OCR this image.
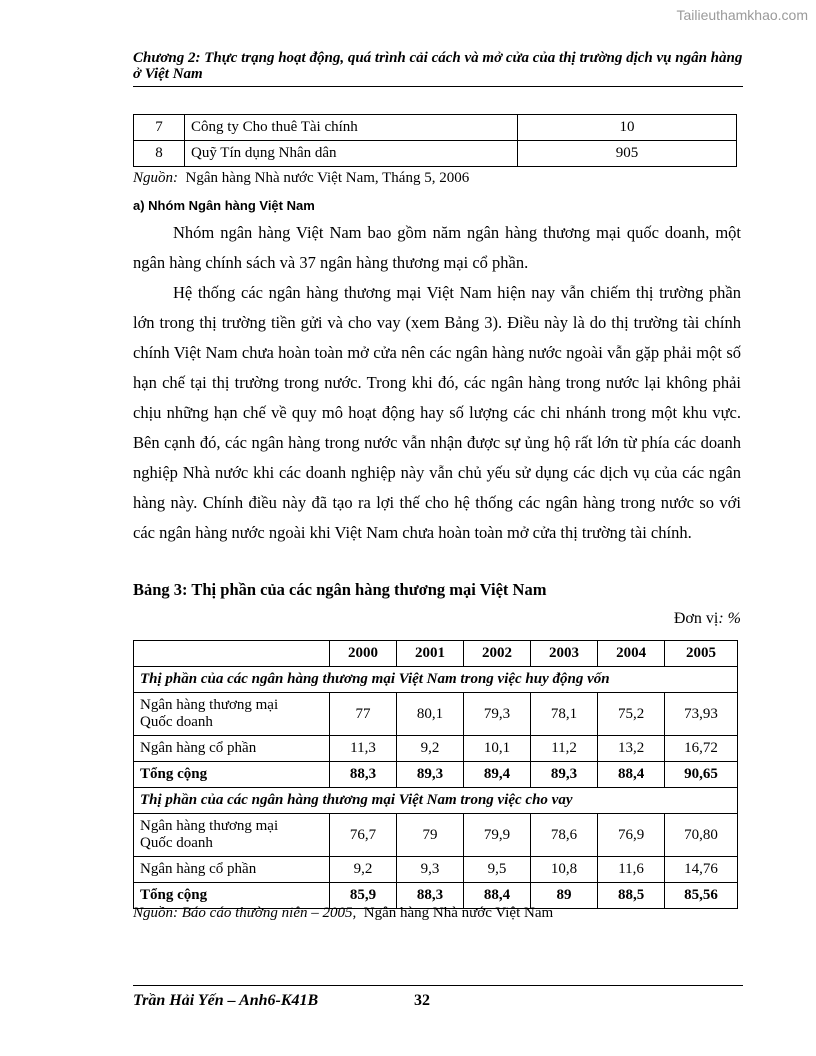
Tailieuthamkhao.com
Chương 2: Thực trạng hoạt động, quá trình cải cách và mở cửa của thị trường dịch vụ ngân hàng ở Việt Nam
7	Công ty Cho thuê Tài chính	10
8	Quỹ Tín dụng Nhân dân	905
Nguồn: Ngân hàng Nhà nước Việt Nam, Tháng 5, 2006
a) Nhóm Ngân hàng Việt Nam
Nhóm ngân hàng Việt Nam bao gồm năm ngân hàng thương mại quốc doanh, một ngân hàng chính sách và 37 ngân hàng thương mại cổ phần.
Hệ thống các ngân hàng thương mại Việt Nam hiện nay vẫn chiếm thị trường phần lớn trong thị trường tiền gửi và cho vay (xem Bảng 3). Điều này là do thị trường tài chính chính Việt Nam chưa hoàn toàn mở cửa nên các ngân hàng nước ngoài vẫn gặp phải một số hạn chế tại thị trường trong nước. Trong khi đó, các ngân hàng trong nước lại không phải chịu những hạn chế về quy mô hoạt động hay số lượng các chi nhánh trong một khu vực. Bên cạnh đó, các ngân hàng trong nước vẫn nhận được sự ủng hộ rất lớn từ phía các doanh nghiệp Nhà nước khi các doanh nghiệp này vẫn chủ yếu sử dụng các dịch vụ của các ngân hàng này. Chính điều này đã tạo ra lợi thế cho hệ thống các ngân hàng trong nước so với các ngân hàng nước ngoài khi Việt Nam chưa hoàn toàn mở cửa thị trường tài chính.
Bảng 3: Thị phần của các ngân hàng thương mại Việt Nam
Đơn vị: %
	2000	2001	2002	2003	2004	2005
Thị phần của các ngân hàng thương mại Việt Nam trong việc huy động vốn						
Ngân hàng thương mại
Quốc doanh	77	80,1	79,3	78,1	75,2	73,93
Ngân hàng cổ phần	11,3	9,2	10,1	11,2	13,2	16,72
Tổng cộng	88,3	89,3	89,4	89,3	88,4	90,65
Thị phần của các ngân hàng thương mại Việt Nam trong việc cho vay						
Ngân hàng thương mại
Quốc doanh	76,7	79	79,9	78,6	76,9	70,80
Ngân hàng cổ phần	9,2	9,3	9,5	10,8	11,6	14,76
Tổng cộng	85,9	88,3	88,4	89	88,5	85,56
Nguồn: Báo cáo thường niên – 2005, Ngân hàng Nhà nước Việt Nam
Trần Hải Yến – Anh6-K41B	32
